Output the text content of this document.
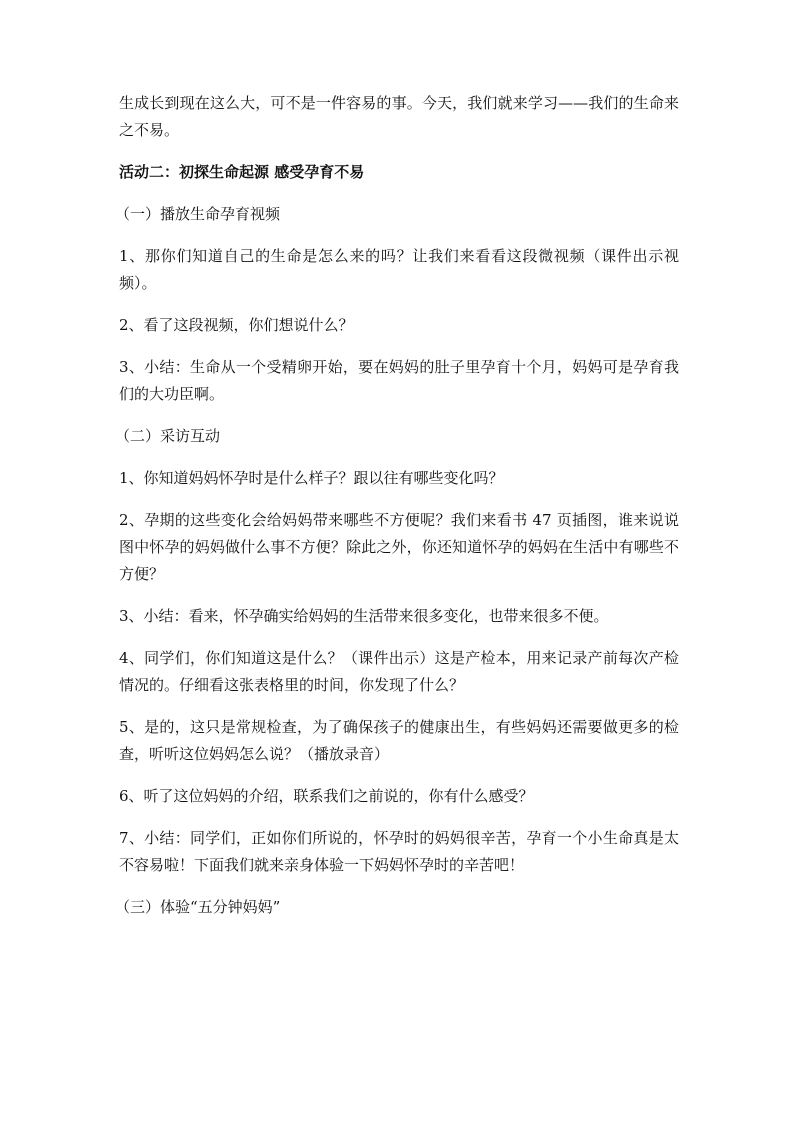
生成长到现在这么大，可不是一件容易的事。今天，我们就来学习——我们的生命来之不易。

活动二：初探生命起源 感受孕育不易

（一）播放生命孕育视频

1、那你们知道自己的生命是怎么来的吗？让我们来看看这段微视频（课件出示视频）。

2、看了这段视频，你们想说什么？

3、小结：生命从一个受精卵开始，要在妈妈的肚子里孕育十个月，妈妈可是孕育我们的大功臣啊。

（二）采访互动

1、你知道妈妈怀孕时是什么样子？跟以往有哪些变化吗？

2、孕期的这些变化会给妈妈带来哪些不方便呢？我们来看书 47 页插图，谁来说说图中怀孕的妈妈做什么事不方便？除此之外，你还知道怀孕的妈妈在生活中有哪些不方便？

3、小结：看来，怀孕确实给妈妈的生活带来很多变化，也带来很多不便。

4、同学们，你们知道这是什么？（课件出示）这是产检本，用来记录产前每次产检情况的。仔细看这张表格里的时间，你发现了什么？

5、是的，这只是常规检查，为了确保孩子的健康出生，有些妈妈还需要做更多的检查，听听这位妈妈怎么说？（播放录音）

6、听了这位妈妈的介绍，联系我们之前说的，你有什么感受？

7、小结：同学们，正如你们所说的，怀孕时的妈妈很辛苦，孕育一个小生命真是太不容易啦！下面我们就来亲身体验一下妈妈怀孕时的辛苦吧！

（三）体验“五分钟妈妈”
